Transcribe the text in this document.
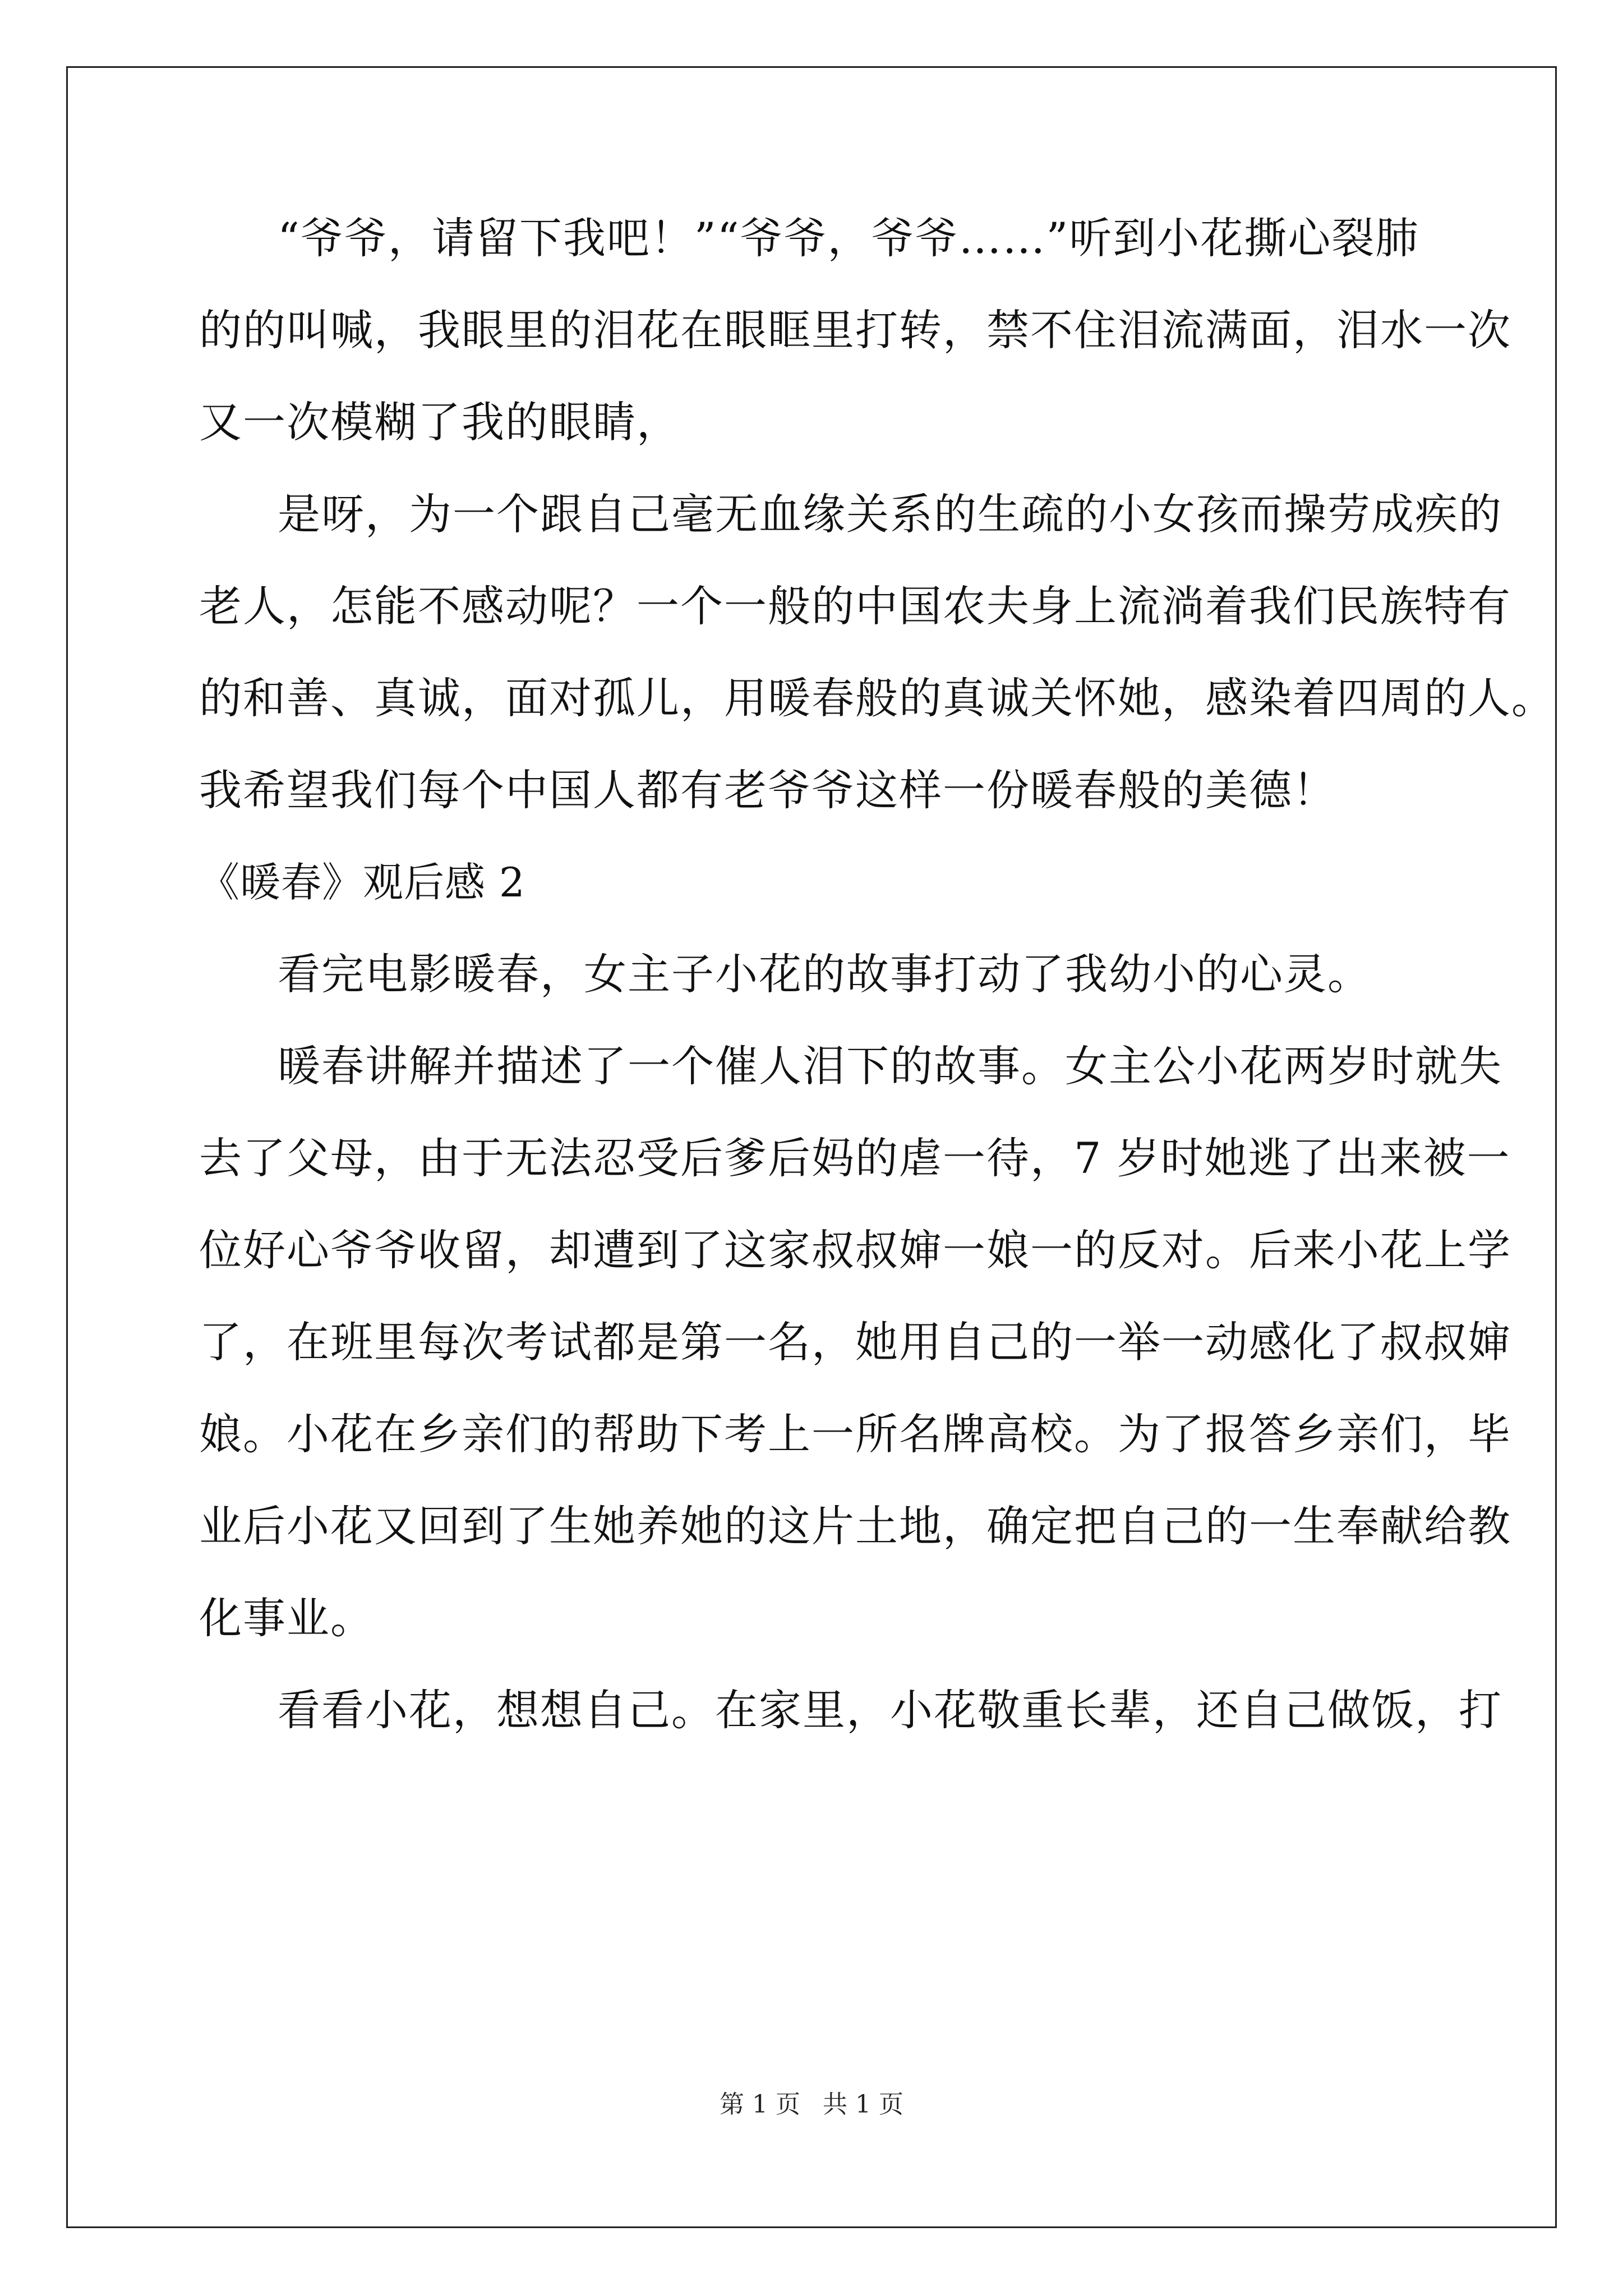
“爷爷，请留下我吧！”“爷爷，爷爷……”听到小花撕心裂肺
的的叫喊，我眼里的泪花在眼眶里打转，禁不住泪流满面，泪水一次
又一次模糊了我的眼睛，
是呀，为一个跟自己毫无血缘关系的生疏的小女孩而操劳成疾的
老人，怎能不感动呢？一个一般的中国农夫身上流淌着我们民族特有
的和善、真诚，面对孤儿，用暖春般的真诚关怀她，感染着四周的人。
我希望我们每个中国人都有老爷爷这样一份暖春般的美德！
《暖春》观后感 2
看完电影暖春，女主子小花的故事打动了我幼小的心灵。
暖春讲解并描述了一个催人泪下的故事。女主公小花两岁时就失
去了父母，由于无法忍受后爹后妈的虐一待，7 岁时她逃了出来被一
位好心爷爷收留，却遭到了这家叔叔婶一娘一的反对。后来小花上学
了，在班里每次考试都是第一名，她用自己的一举一动感化了叔叔婶
娘。小花在乡亲们的帮助下考上一所名牌高校。为了报答乡亲们，毕
业后小花又回到了生她养她的这片土地，确定把自己的一生奉献给教
化事业。
看看小花，想想自己。在家里，小花敬重长辈，还自己做饭，打
第 1 页 共 1 页
